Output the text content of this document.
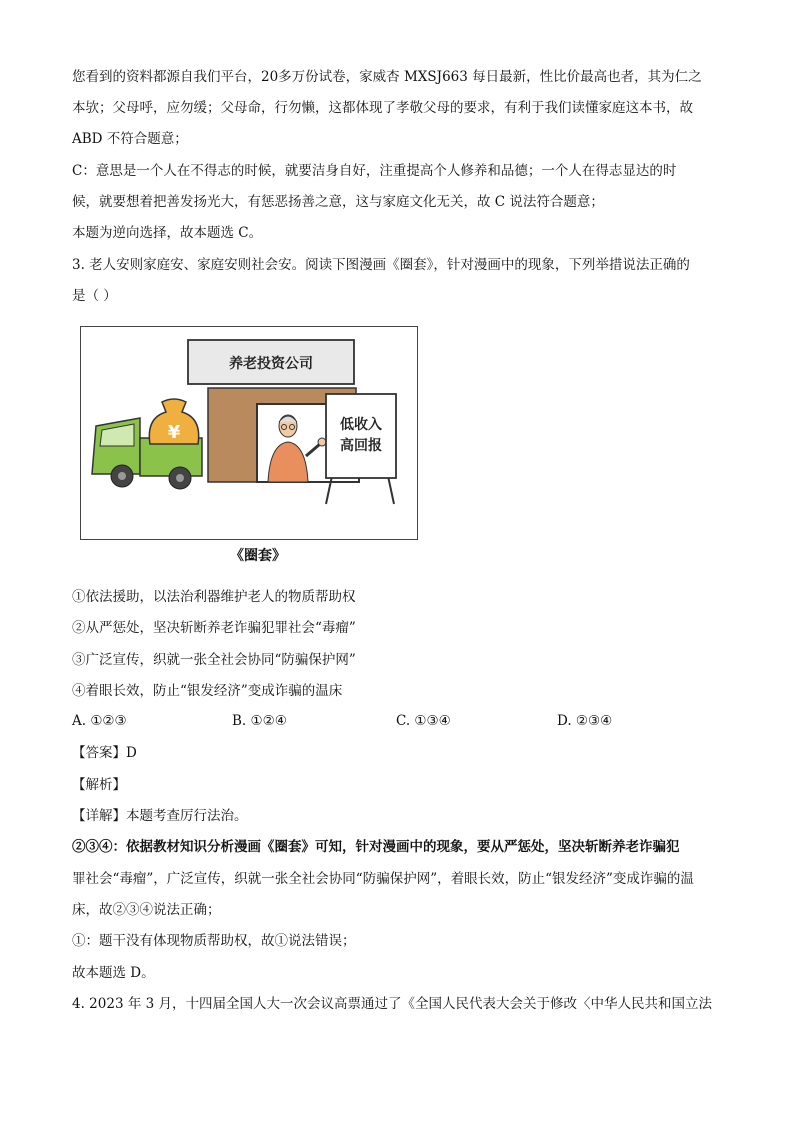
您看到的资料都源自我们平台，20多万份试卷，家威杏 MXSJ663 每日最新，性比价最高也者，其为仁之
本欤；父母呼，应勿缓；父母命，行勿懒，这都体现了孝敬父母的要求，有利于我们读懂家庭这本书，故
ABD 不符合题意；
C：意思是一个人在不得志的时候，就要洁身自好，注重提高个人修养和品德；一个人在得志显达的时
候，就要想着把善发扬光大，有惩恶扬善之意，这与家庭文化无关，故 C 说法符合题意；
本题为逆向选择，故本题选 C。
3. 老人安则家庭安、家庭安则社会安。阅读下图漫画《圈套》，针对漫画中的现象，下列举措说法正确的
是（ ）
养老投资公司
低收入
高回报
¥
《圈套》
①依法援助，以法治利器维护老人的物质帮助权
②从严惩处，坚决斩断养老诈骗犯罪社会“毒瘤”
③广泛宣传，织就一张全社会协同“防骗保护网”
④着眼长效，防止“银发经济”变成诈骗的温床
A. ①②③	B. ①②④	C. ①③④	D. ②③④
【答案】D
【解析】
【详解】本题考查厉行法治。
②③④：依据教材知识分析漫画《圈套》可知，针对漫画中的现象，要从严惩处，坚决斩断养老诈骗犯
罪社会“毒瘤”，广泛宣传，织就一张全社会协同“防骗保护网”，着眼长效，防止“银发经济”变成诈骗的温
床，故②③④说法正确；
①：题干没有体现物质帮助权，故①说法错误；
故本题选 D。
4. 2023 年 3 月，十四届全国人大一次会议高票通过了《全国人民代表大会关于修改〈中华人民共和国立法
